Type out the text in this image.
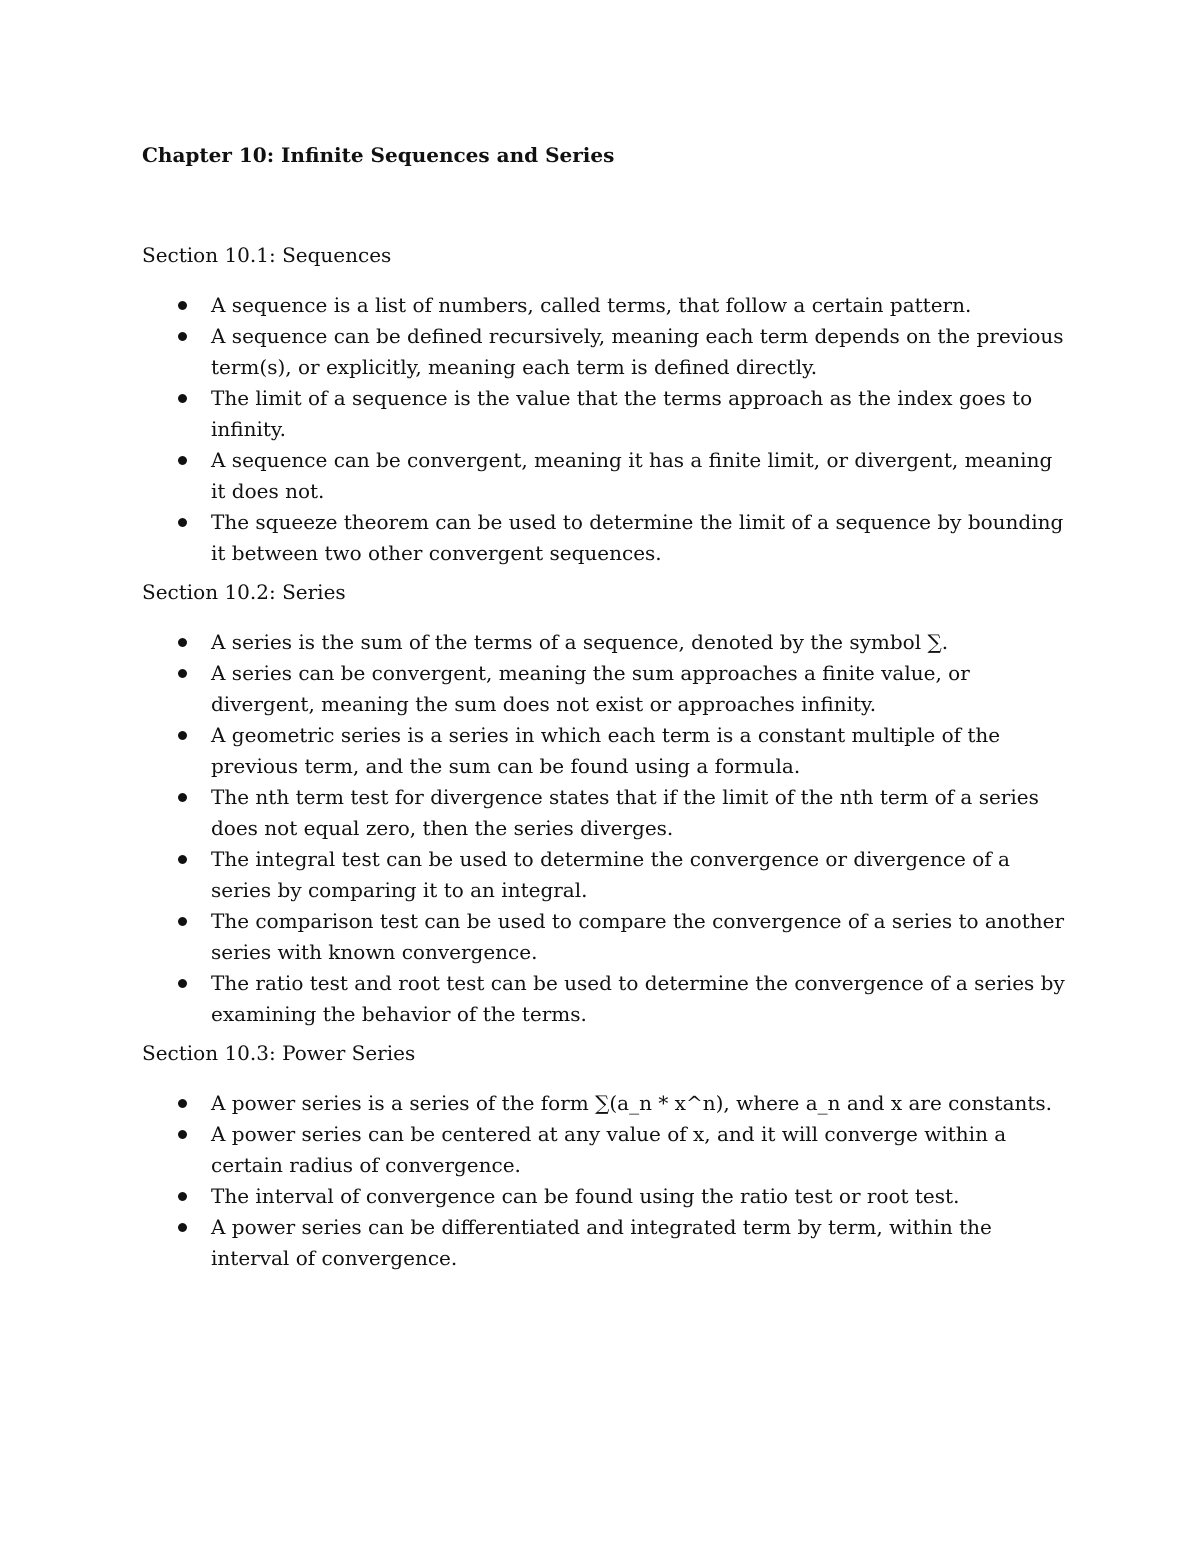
Chapter 10: Infinite Sequences and Series
Section 10.1: Sequences
A sequence is a list of numbers, called terms, that follow a certain pattern.
A sequence can be defined recursively, meaning each term depends on the previous term(s), or explicitly, meaning each term is defined directly.
The limit of a sequence is the value that the terms approach as the index goes to infinity.
A sequence can be convergent, meaning it has a finite limit, or divergent, meaning it does not.
The squeeze theorem can be used to determine the limit of a sequence by bounding it between two other convergent sequences.
Section 10.2: Series
A series is the sum of the terms of a sequence, denoted by the symbol ∑.
A series can be convergent, meaning the sum approaches a finite value, or divergent, meaning the sum does not exist or approaches infinity.
A geometric series is a series in which each term is a constant multiple of the previous term, and the sum can be found using a formula.
The nth term test for divergence states that if the limit of the nth term of a series does not equal zero, then the series diverges.
The integral test can be used to determine the convergence or divergence of a series by comparing it to an integral.
The comparison test can be used to compare the convergence of a series to another series with known convergence.
The ratio test and root test can be used to determine the convergence of a series by examining the behavior of the terms.
Section 10.3: Power Series
A power series is a series of the form ∑(a_n * x^n), where a_n and x are constants.
A power series can be centered at any value of x, and it will converge within a certain radius of convergence.
The interval of convergence can be found using the ratio test or root test.
A power series can be differentiated and integrated term by term, within the interval of convergence.
